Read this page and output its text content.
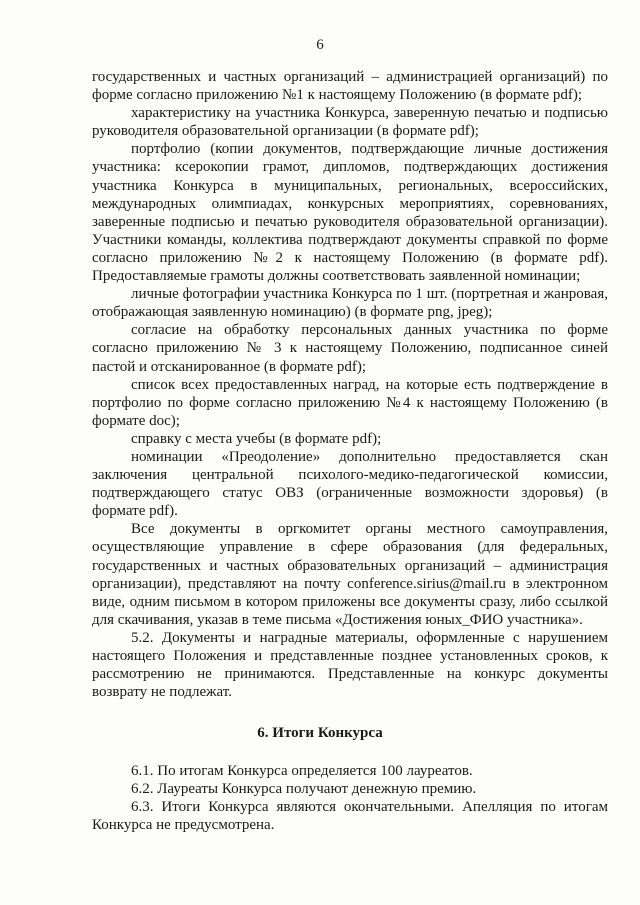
6

государственных и частных организаций – администрацией организаций) по форме согласно приложению №1 к настоящему Положению (в формате pdf);

характеристику на участника Конкурса, заверенную печатью и подписью руководителя образовательной организации (в формате pdf);

портфолио (копии документов, подтверждающие личные достижения участника: ксерокопии грамот, дипломов, подтверждающих достижения участника Конкурса в муниципальных, региональных, всероссийских, международных олимпиадах, конкурсных мероприятиях, соревнованиях, заверенные подписью и печатью руководителя образовательной организации). Участники команды, коллектива подтверждают документы справкой по форме согласно приложению №2 к настоящему Положению (в формате pdf). Предоставляемые грамоты должны соответствовать заявленной номинации;

личные фотографии участника Конкурса по 1 шт. (портретная и жанровая, отображающая заявленную номинацию) (в формате png, jpeg);

согласие на обработку персональных данных участника по форме согласно приложению № 3 к настоящему Положению, подписанное синей пастой и отсканированное (в формате pdf);

список всех предоставленных наград, на которые есть подтверждение в портфолио по форме согласно приложению №4 к настоящему Положению (в формате doc);

справку с места учебы (в формате pdf);

номинации «Преодоление» дополнительно предоставляется скан заключения центральной психолого-медико-педагогической комиссии, подтверждающего статус ОВЗ (ограниченные возможности здоровья) (в формате pdf).

Все документы в оргкомитет органы местного самоуправления, осуществляющие управление в сфере образования (для федеральных, государственных и частных образовательных организаций – администрация организации), представляют на почту conference.sirius@mail.ru в электронном виде, одним письмом в котором приложены все документы сразу, либо ссылкой для скачивания, указав в теме письма «Достижения юных_ФИО участника».

5.2. Документы и наградные материалы, оформленные с нарушением настоящего Положения и представленные позднее установленных сроков, к рассмотрению не принимаются. Представленные на конкурс документы возврату не подлежат.

6. Итоги Конкурса

6.1. По итогам Конкурса определяется 100 лауреатов.

6.2. Лауреаты Конкурса получают денежную премию.

6.3. Итоги Конкурса являются окончательными. Апелляция по итогам Конкурса не предусмотрена.
